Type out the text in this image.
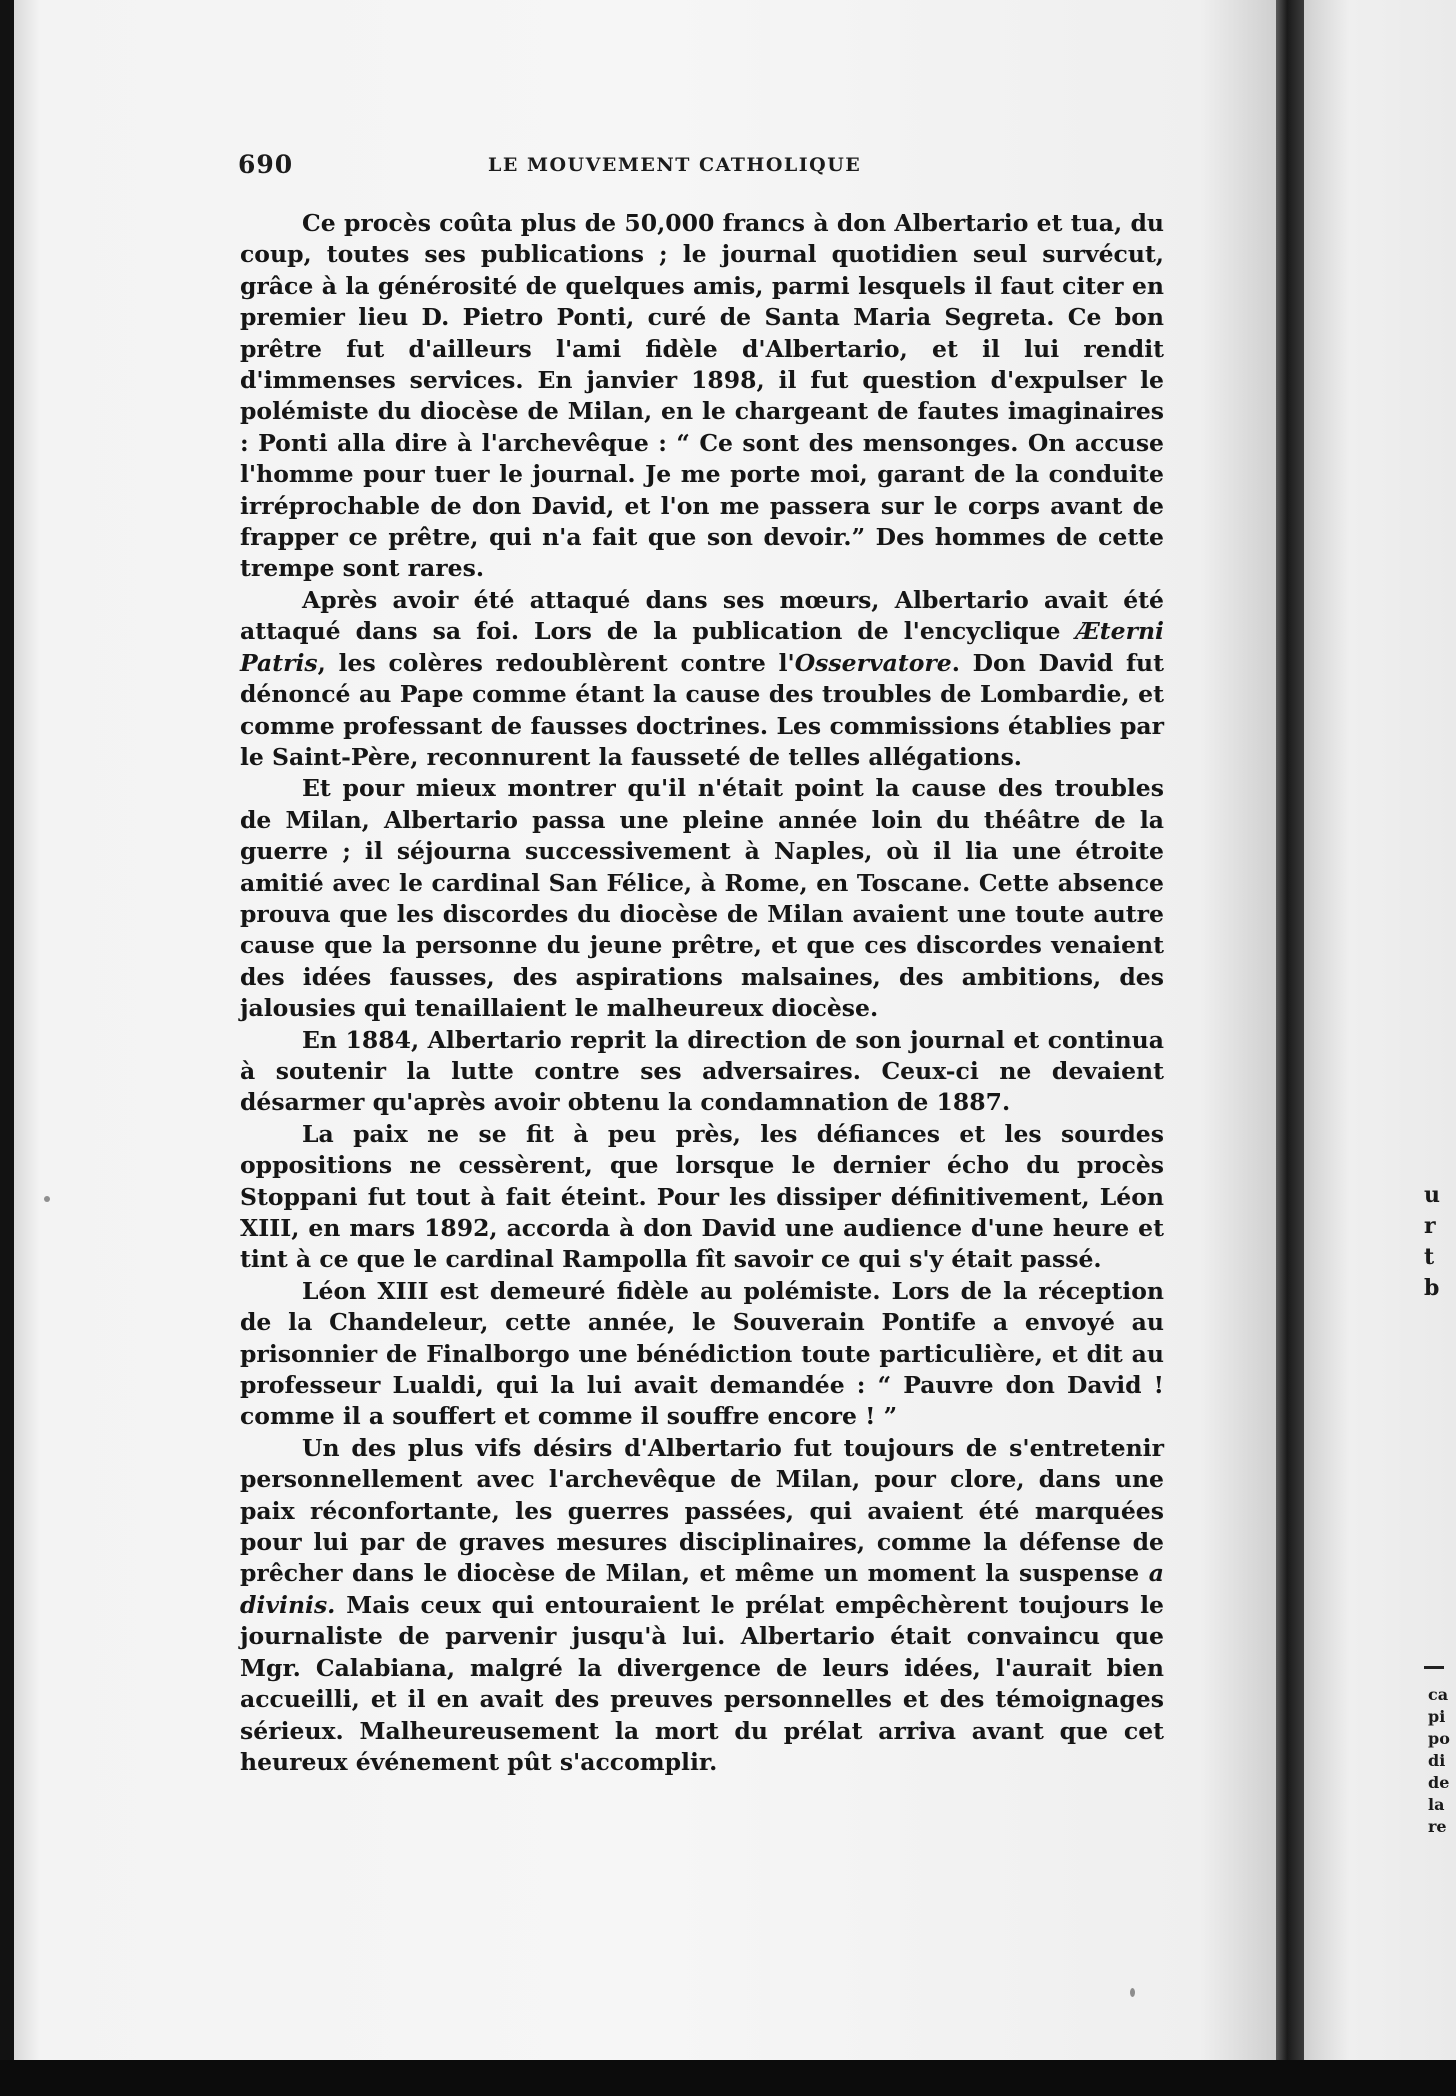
690	LE MOUVEMENT CATHOLIQUE

Ce procès coûta plus de 50,000 francs à don Albertario et tua, du coup, toutes ses publications ; le journal quotidien seul survécut, grâce à la générosité de quelques amis, parmi lesquels il faut citer en premier lieu D. Pietro Ponti, curé de Santa Maria Segreta. Ce bon prêtre fut d'ailleurs l'ami fidèle d'Albertario, et il lui rendit d'immenses services. En janvier 1898, il fut question d'expulser le polémiste du diocèse de Milan, en le chargeant de fautes imaginaires : Ponti alla dire à l'archevêque : “ Ce sont des mensonges. On accuse l'homme pour tuer le journal. Je me porte moi, garant de la conduite irréprochable de don David, et l'on me passera sur le corps avant de frapper ce prêtre, qui n'a fait que son devoir.” Des hommes de cette trempe sont rares.

Après avoir été attaqué dans ses mœurs, Albertario avait été attaqué dans sa foi. Lors de la publication de l'encyclique Æterni Patris, les colères redoublèrent contre l'Osservatore. Don David fut dénoncé au Pape comme étant la cause des troubles de Lombardie, et comme professant de fausses doctrines. Les commissions établies par le Saint-Père, reconnurent la fausseté de telles allégations.

Et pour mieux montrer qu'il n'était point la cause des troubles de Milan, Albertario passa une pleine année loin du théâtre de la guerre ; il séjourna successivement à Naples, où il lia une étroite amitié avec le cardinal San Félice, à Rome, en Toscane. Cette absence prouva que les discordes du diocèse de Milan avaient une toute autre cause que la personne du jeune prêtre, et que ces discordes venaient des idées fausses, des aspirations malsaines, des ambitions, des jalousies qui tenaillaient le malheureux diocèse.

En 1884, Albertario reprit la direction de son journal et continua à soutenir la lutte contre ses adversaires. Ceux-ci ne devaient désarmer qu'après avoir obtenu la condamnation de 1887.

La paix ne se fit à peu près, les défiances et les sourdes oppositions ne cessèrent, que lorsque le dernier écho du procès Stoppani fut tout à fait éteint. Pour les dissiper définitivement, Léon XIII, en mars 1892, accorda à don David une audience d'une heure et tint à ce que le cardinal Rampolla fît savoir ce qui s'y était passé.

Léon XIII est demeuré fidèle au polémiste. Lors de la réception de la Chandeleur, cette année, le Souverain Pontife a envoyé au prisonnier de Finalborgo une bénédiction toute particulière, et dit au professeur Lualdi, qui la lui avait demandée : “ Pauvre don David ! comme il a souffert et comme il souffre encore ! ”

Un des plus vifs désirs d'Albertario fut toujours de s'entretenir personnellement avec l'archevêque de Milan, pour clore, dans une paix réconfortante, les guerres passées, qui avaient été marquées pour lui par de graves mesures disciplinaires, comme la défense de prêcher dans le diocèse de Milan, et même un moment la suspense a divinis. Mais ceux qui entouraient le prélat empêchèrent toujours le journaliste de parvenir jusqu'à lui. Albertario était convaincu que Mgr. Calabiana, malgré la divergence de leurs idées, l'aurait bien accueilli, et il en avait des preuves personnelles et des témoignages sérieux. Malheureusement la mort du prélat arriva avant que cet heureux événement pût s'accomplir.

u
r
t
b
ca
pi
po
di
de
la
re
